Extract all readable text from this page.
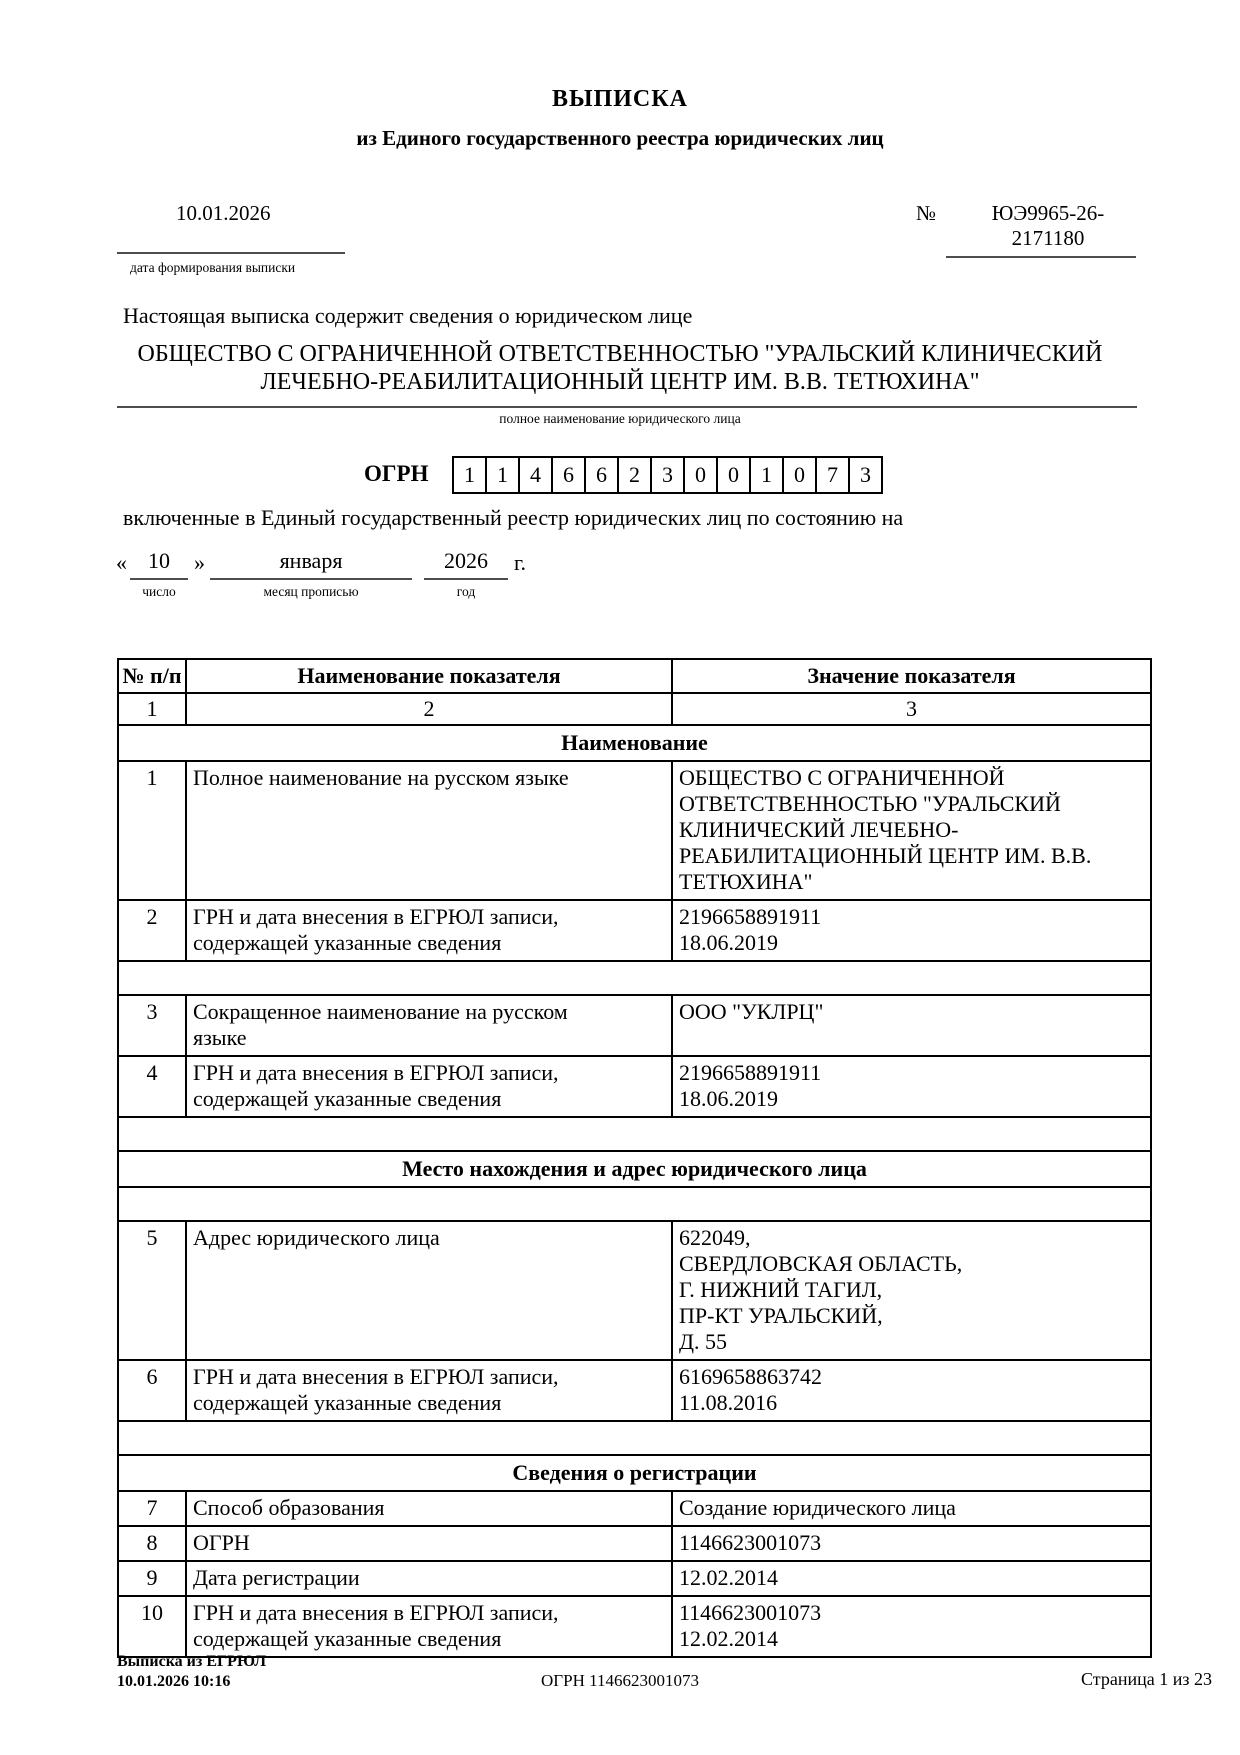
ВЫПИСКА
из Единого государственного реестра юридических лиц
10.01.2026	№	ЮЭ9965-26-2171180
дата формирования выписки
Настоящая выписка содержит сведения о юридическом лице
ОБЩЕСТВО С ОГРАНИЧЕННОЙ ОТВЕТСТВЕННОСТЬЮ "УРАЛЬСКИЙ КЛИНИЧЕСКИЙ ЛЕЧЕБНО-РЕАБИЛИТАЦИОННЫЙ ЦЕНТР ИМ. В.В. ТЕТЮХИНА"
полное наименование юридического лица
ОГРН	1	1	4	6	6	2	3	0	0	1	0	7	3
включенные в Единый государственный реестр юридических лиц по состоянию на
« 10	»	января	2026	г.
число	месяц прописью	год
№ п/п	Наименование показателя	Значение показателя
1	2	3
Наименование		
1	Полное наименование на русском языке	ОБЩЕСТВО С ОГРАНИЧЕННОЙ
ОТВЕТСТВЕННОСТЬЮ "УРАЛЬСКИЙ
КЛИНИЧЕСКИЙ ЛЕЧЕБНО-
РЕАБИЛИТАЦИОННЫЙ ЦЕНТР ИМ. В.В.
ТЕТЮХИНА"
2	ГРН и дата внесения в ЕГРЮЛ записи,
содержащей указанные сведения	2196658891911
18.06.2019

3	Сокращенное наименование на русском
языке	ООО "УКЛРЦ"
4	ГРН и дата внесения в ЕГРЮЛ записи,
содержащей указанные сведения	2196658891911
18.06.2019

Место нахождения и адрес юридического лица		

5	Адрес юридического лица	622049,
СВЕРДЛОВСКАЯ ОБЛАСТЬ,
Г. НИЖНИЙ ТАГИЛ,
ПР-КТ УРАЛЬСКИЙ,
Д. 55
6	ГРН и дата внесения в ЕГРЮЛ записи,
содержащей указанные сведения	6169658863742
11.08.2016

Сведения о регистрации		
7	Способ образования	Создание юридического лица
8	ОГРН	1146623001073
9	Дата регистрации	12.02.2014
10	ГРН и дата внесения в ЕГРЮЛ записи,
содержащей указанные сведения	1146623001073
12.02.2014
Выписка из ЕГРЮЛ
10.01.2026 10:16	ОГРН 1146623001073	Страница 1 из 23
